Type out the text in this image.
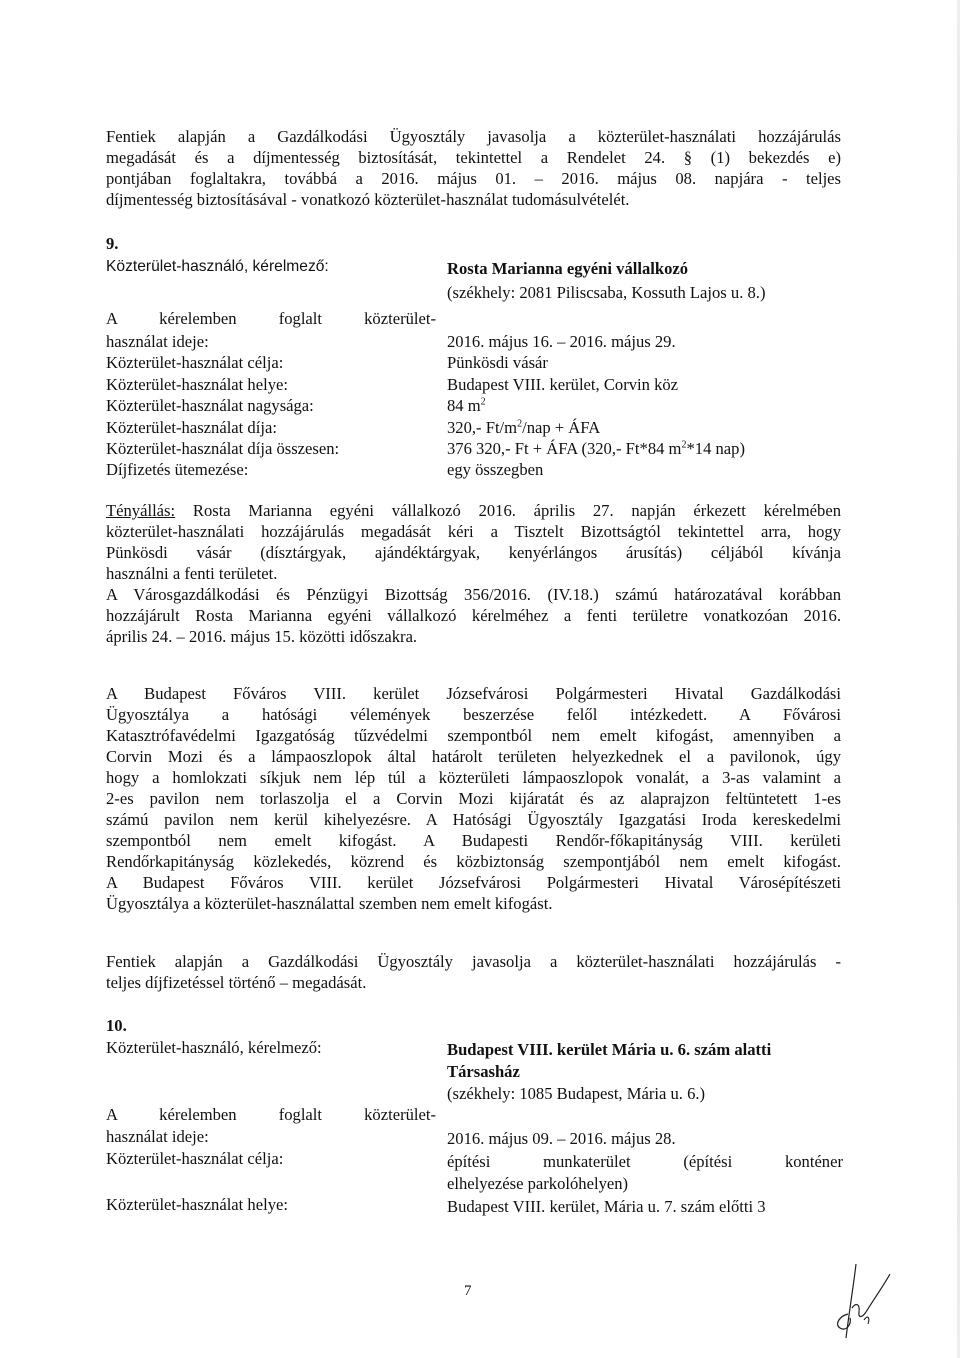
Fentiek alapján a Gazdálkodási Ügyosztály javasolja a közterület-használati hozzájárulás

megadását és a díjmentesség biztosítását, tekintettel a Rendelet 24. § (1) bekezdés e)

pontjában foglaltakra, továbbá a 2016. május 01. – 2016. május 08. napjára - teljes

díjmentesség biztosításával - vonatkozó közterület-használat tudomásulvételét.

9.
Közterület-használó, kérelmező:	Rosta Marianna egyéni vállalkozó
(székhely: 2081 Piliscsaba, Kossuth Lajos u. 8.)
A kérelemben foglalt közterület-
használat ideje:	2016. május 16. – 2016. május 29.
Közterület-használat célja:	Pünkösdi vásár
Közterület-használat helye:	Budapest VIII. kerület, Corvin köz
Közterület-használat nagysága:	84 $m^2$
Közterület-használat díja:	320,- $Ft/m^2$/nap + ÁFA
Közterület-használat díja összesen:	376 320,- Ft + ÁFA (320,- Ft*84 $m^2*14$ nap)
Díjfizetés ütemezése:	egy összegben

Tényállás: Rosta Marianna egyéni vállalkozó 2016. április 27. napján érkezett kérelmében

közterület-használati hozzájárulás megadását kéri a Tisztelt Bizottságtól tekintettel arra, hogy

Pünkösdi vásár (dísztárgyak, ajándéktárgyak, kenyérlángos árusítás) céljából kívánja

használni a fenti területet.

A Városgazdálkodási és Pénzügyi Bizottság 356/2016. (IV.18.) számú határozatával korábban

hozzájárult Rosta Marianna egyéni vállalkozó kérelméhez a fenti területre vonatkozóan 2016.

április 24. – 2016. május 15. közötti időszakra.

A Budapest Főváros VIII. kerület Józsefvárosi Polgármesteri Hivatal Gazdálkodási

Ügyosztálya a hatósági vélemények beszerzése felől intézkedett. A Fővárosi

Katasztrófavédelmi Igazgatóság tűzvédelmi szempontból nem emelt kifogást, amennyiben a

Corvin Mozi és a lámpaoszlopok által határolt területen helyezkednek el a pavilonok, úgy

hogy a homlokzati síkjuk nem lép túl a közterületi lámpaoszlopok vonalát, a 3-as valamint a

2-es pavilon nem torlaszolja el a Corvin Mozi kijáratát és az alaprajzon feltüntetett 1-es

számú pavilon nem kerül kihelyezésre. A Hatósági Ügyosztály Igazgatási Iroda kereskedelmi

szempontból nem emelt kifogást. A Budapesti Rendőr-főkapitányság VIII. kerületi

Rendőrkapitányság közlekedés, közrend és közbiztonság szempontjából nem emelt kifogást.

A Budapest Főváros VIII. kerület Józsefvárosi Polgármesteri Hivatal Városépítészeti

Ügyosztálya a közterület-használattal szemben nem emelt kifogást.

Fentiek alapján a Gazdálkodási Ügyosztály javasolja a közterület-használati hozzájárulás -

teljes díjfizetéssel történő – megadását.

10.
Közterület-használó, kérelmező:	Budapest VIII. kerület Mária u. 6. szám alatti
Társasház
(székhely: 1085 Budapest, Mária u. 6.)
A kérelemben foglalt közterület-
használat ideje:	2016. május 09. – 2016. május 28.
Közterület-használat célja:	építési munkaterület (építési konténer
elhelyezése parkolóhelyen)
Közterület-használat helye:	Budapest VIII. kerület, Mária u. 7. szám előtti 3
7
